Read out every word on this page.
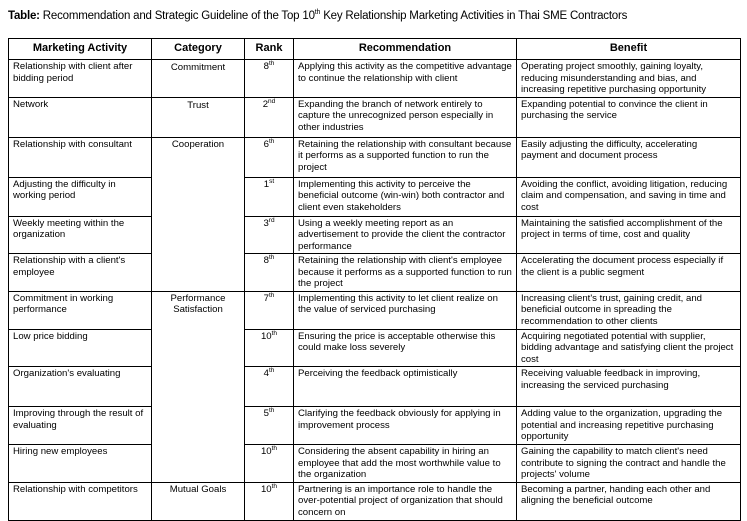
Table: Recommendation and Strategic Guideline of the Top 10th Key Relationship Marketing Activities in Thai SME Contractors
Marketing Activity	Category	Rank	Recommendation	Benefit
Relationship with client after bidding period	Commitment	8th	Applying this activity as the competitive advantage to continue the relationship with client	Operating project smoothly, gaining loyalty, reducing misunderstanding and bias, and increasing repetitive purchasing opportunity
Network	Trust	2nd	Expanding the branch of network entirely to capture the unrecognized person especially in other industries	Expanding potential to convince the client in purchasing the service
Relationship with consultant	Cooperation	6th	Retaining the relationship with consultant because it performs as a supported function to run the project	Easily adjusting the difficulty, accelerating payment and document process
Adjusting the difficulty in working period		1st	Implementing this activity to perceive the beneficial outcome (win-win) both contractor and client even stakeholders	Avoiding the conflict, avoiding litigation, reducing claim and compensation, and saving in time and cost
Weekly meeting within the organization		3rd	Using a weekly meeting report as an advertisement to provide the client the contractor performance	Maintaining the satisfied accomplishment of the project in terms of time, cost and quality
Relationship with a client's employee		8th	Retaining the relationship with client's employee because it performs as a supported function to run the project	Accelerating the document process especially if the client is a public segment
Commitment in working performance	Performance Satisfaction	7th	Implementing this activity to let client realize on the value of serviced purchasing	Increasing client's trust, gaining credit, and beneficial outcome in spreading the recommendation to other clients
Low price bidding		10th	Ensuring the price is acceptable otherwise this could make loss severely	Acquiring negotiated potential with supplier, bidding advantage and satisfying client the project cost
Organization's evaluating		4th	Perceiving the feedback optimistically	Receiving valuable feedback in improving, increasing the serviced purchasing
Improving through the result of evaluating		5th	Clarifying the feedback obviously for applying in improvement process	Adding value to the organization, upgrading the potential and increasing repetitive purchasing opportunity
Hiring new employees		10th	Considering the absent capability in hiring an employee that add the most worthwhile value to the organization	Gaining the capability to match client's need contribute to signing the contract and handle the projects' volume
Relationship with competitors	Mutual Goals	10th	Partnering is an importance role to handle the over-potential project of organization that should concern on	Becoming a partner, handing each other and aligning the beneficial outcome
